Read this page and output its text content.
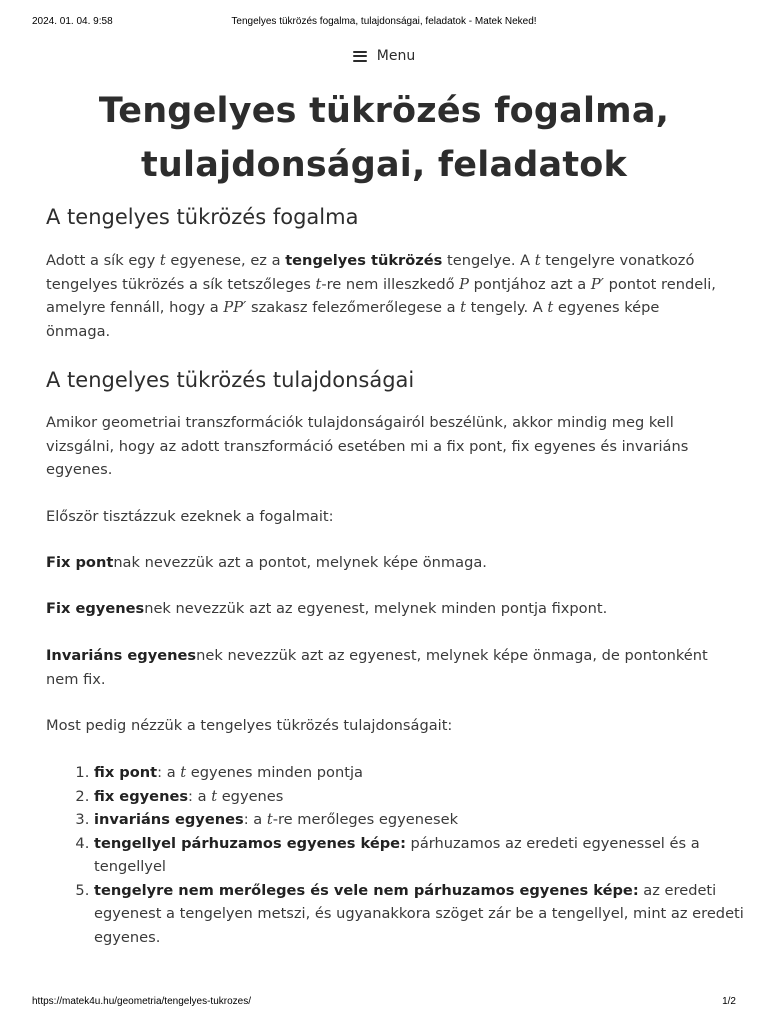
2024. 01. 04. 9:58	Tengelyes tükrözés fogalma, tulajdonságai, feladatok - Matek Neked!
Menu
Tengelyes tükrözés fogalma,
tulajdonságai, feladatok
A tengelyes tükrözés fogalma

Adott a sík egy t egyenese, ez a tengelyes tükrözés tengelye. A t tengelyre vonatkozó tengelyes tükrözés a sík tetszőleges t-re nem illeszkedő P pontjához azt a P′ pontot rendeli, amelyre fennáll, hogy a PP′ szakasz felezőmerőlegese a t tengely. A t egyenes képe önmaga.

A tengelyes tükrözés tulajdonságai

Amikor geometriai transzformációk tulajdonságairól beszélünk, akkor mindig meg kell vizsgálni, hogy az adott transzformáció esetében mi a fix pont, fix egyenes és invariáns egyenes.

Először tisztázzuk ezeknek a fogalmait:

Fix pontnak nevezzük azt a pontot, melynek képe önmaga.

Fix egyenesnek nevezzük azt az egyenest, melynek minden pontja fixpont.

Invariáns egyenesnek nevezzük azt az egyenest, melynek képe önmaga, de pontonként nem fix.

Most pedig nézzük a tengelyes tükrözés tulajdonságait:

1. fix pont: a t egyenes minden pontja
2. fix egyenes: a t egyenes
3. invariáns egyenes: a t-re merőleges egyenesek
4. tengellyel párhuzamos egyenes képe: párhuzamos az eredeti egyenessel és a tengellyel
5. tengelyre nem merőleges és vele nem párhuzamos egyenes képe: az eredeti egyenest a tengelyen metszi, és ugyanakkora szöget zár be a tengellyel, mint az eredeti egyenes.
https://matek4u.hu/geometria/tengelyes-tukrozes/	1/2
